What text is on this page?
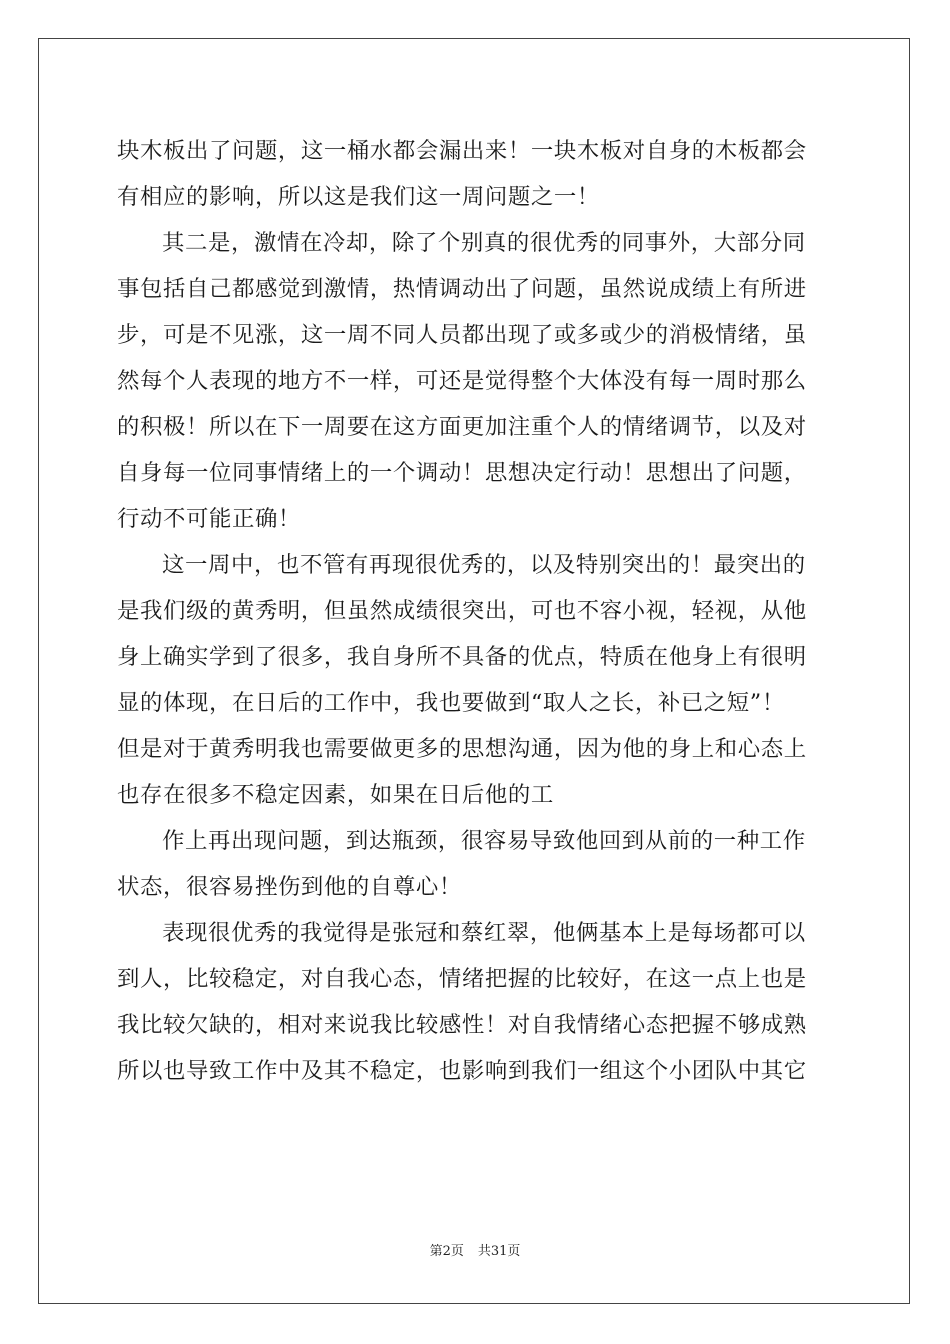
块木板出了问题，这一桶水都会漏出来！一块木板对自身的木板都会
有相应的影响，所以这是我们这一周问题之一！
其二是，激情在冷却，除了个别真的很优秀的同事外，大部分同
事包括自己都感觉到激情，热情调动出了问题，虽然说成绩上有所进
步，可是不见涨，这一周不同人员都出现了或多或少的消极情绪，虽
然每个人表现的地方不一样，可还是觉得整个大体没有每一周时那么
的积极！所以在下一周要在这方面更加注重个人的情绪调节，以及对
自身每一位同事情绪上的一个调动！思想决定行动！思想出了问题，
行动不可能正确！
这一周中，也不管有再现很优秀的，以及特别突出的！最突出的
是我们级的黄秀明，但虽然成绩很突出，可也不容小视，轻视，从他
身上确实学到了很多，我自身所不具备的优点，特质在他身上有很明
显的体现，在日后的工作中，我也要做到“取人之长，补已之短”！
但是对于黄秀明我也需要做更多的思想沟通，因为他的身上和心态上
也存在很多不稳定因素，如果在日后他的工
作上再出现问题，到达瓶颈，很容易导致他回到从前的一种工作
状态，很容易挫伤到他的自尊心！
表现很优秀的我觉得是张冠和蔡红翠，他俩基本上是每场都可以
到人，比较稳定，对自我心态，情绪把握的比较好，在这一点上也是
我比较欠缺的，相对来说我比较感性！对自我情绪心态把握不够成熟
所以也导致工作中及其不稳定，也影响到我们一组这个小团队中其它
第2页 共31页
